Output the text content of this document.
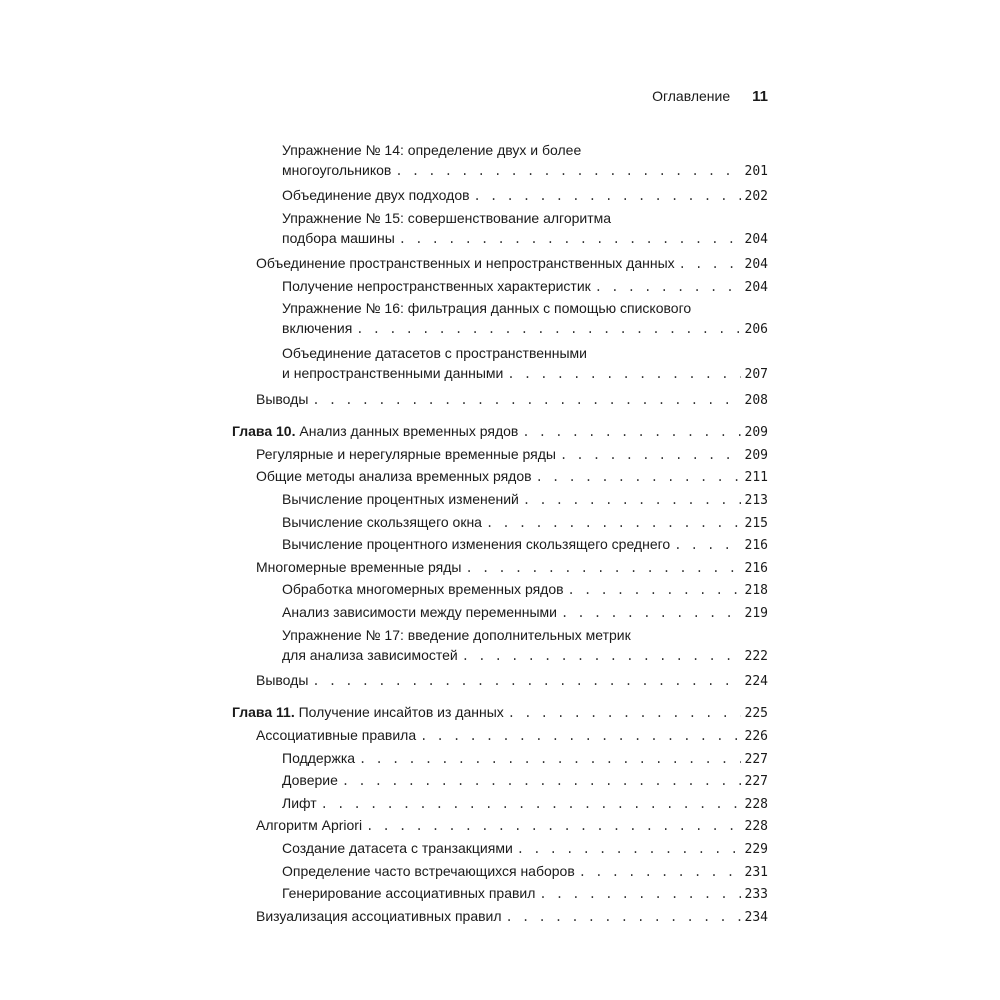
Оглавление 11
Упражнение № 14: определение двух и более
многоугольников . . .	201
Объединение двух подходов . . .	202
Упражнение № 15: совершенствование алгоритма
подбора машины . . .	204
Объединение пространственных и непространственных данных . . .	204
Получение непространственных характеристик . . .	204
Упражнение № 16: фильтрация данных с помощью спискового
включения . . .	206
Объединение датасетов с пространственными
и непространственными данными . . .	207
Выводы . . .	208
Глава 10.
Анализ данных временных рядов . . .	209
Регулярные и нерегулярные временные ряды . . .	209
Общие методы анализа временных рядов . . .	211
Вычисление процентных изменений . . .	213
Вычисление скользящего окна . . .	215
Вычисление процентного изменения скользящего среднего . . .	216
Многомерные временные ряды . . .	216
Обработка многомерных временных рядов . . .	218
Анализ зависимости между переменными . . .	219
Упражнение № 17: введение дополнительных метрик
для анализа зависимостей . . .	222
Выводы . . .	224
Глава 11.
Получение инсайтов из данных . . .	225
Ассоциативные правила . . .	226
Поддержка . . .	227
Доверие . . .	227
Лифт . . .	228
Алгоритм Apriori . . .	228
Создание датасета с транзакциями . . .	229
Определение часто встречающихся наборов . . .	231
Генерирование ассоциативных правил . . .	233
Визуализация ассоциативных правил . . .	234
